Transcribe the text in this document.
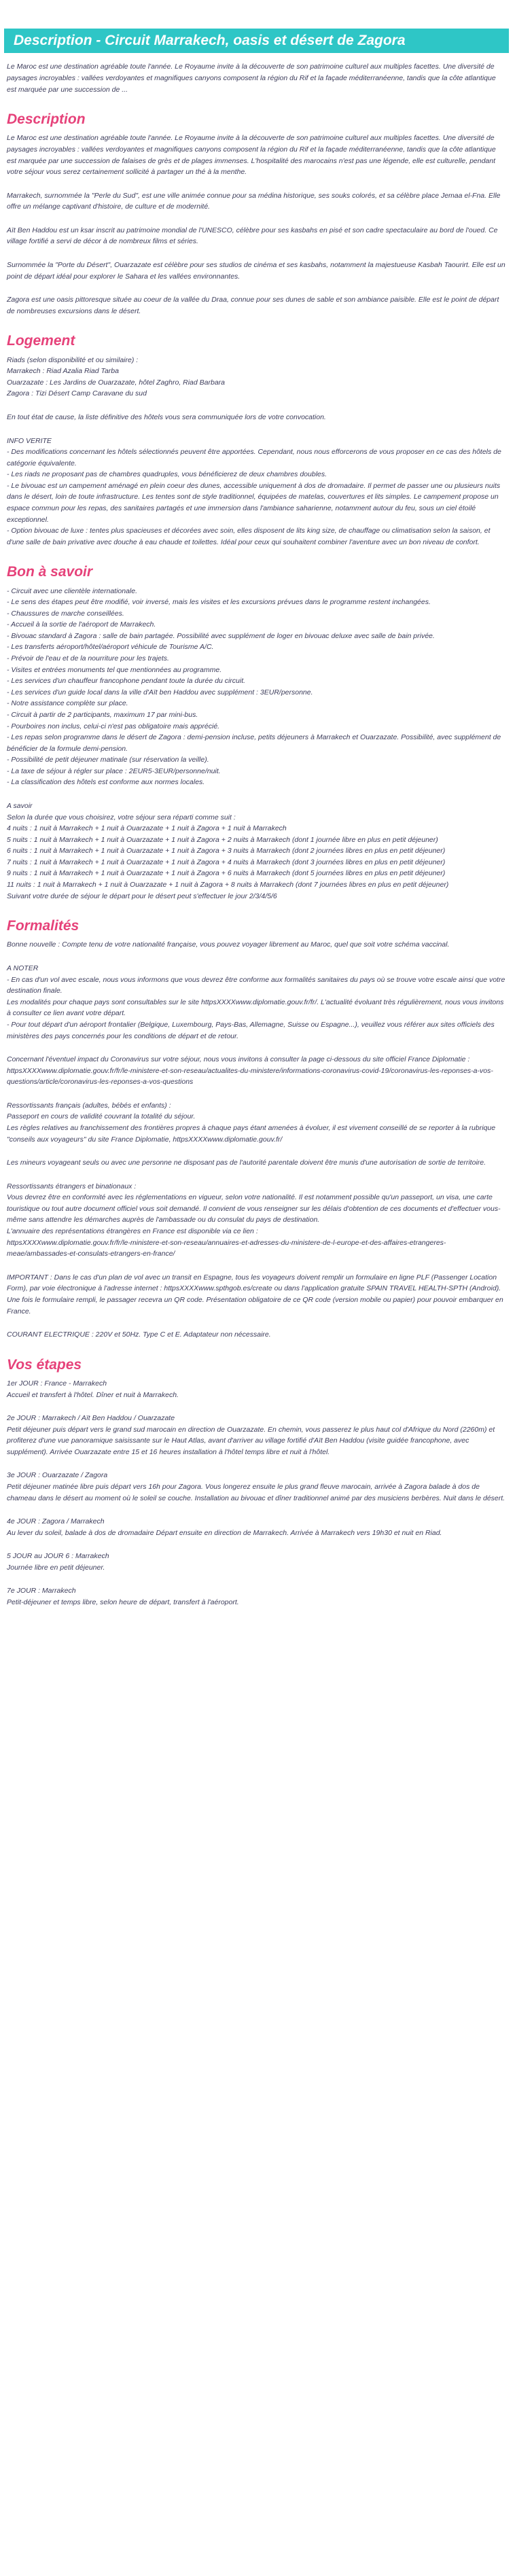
Description - Circuit Marrakech, oasis et désert de Zagora

Le Maroc est une destination agréable toute l'année. Le Royaume invite à la découverte de son patrimoine culturel aux multiples facettes. Une diversité de paysages incroyables : vallées verdoyantes et magnifiques canyons composent la région du Rif et la façade méditerranéenne, tandis que la côte atlantique est marquée par une succession de ...

Description

Le Maroc est une destination agréable toute l'année. Le Royaume invite à la découverte de son patrimoine culturel aux multiples facettes. Une diversité de paysages incroyables : vallées verdoyantes et magnifiques canyons composent la région du Rif et la façade méditerranéenne, tandis que la côte atlantique est marquée par une succession de falaises de grès et de plages immenses. L'hospitalité des marocains n'est pas une légende, elle est culturelle, pendant votre séjour vous serez certainement sollicité à partager un thé à la menthe.

Marrakech, surnommée la "Perle du Sud", est une ville animée connue pour sa médina historique, ses souks colorés, et sa célèbre place Jemaa el-Fna. Elle offre un mélange captivant d'histoire, de culture et de modernité.

Aït Ben Haddou est un ksar inscrit au patrimoine mondial de l'UNESCO, célèbre pour ses kasbahs en pisé et son cadre spectaculaire au bord de l'oued. Ce village fortifié a servi de décor à de nombreux films et séries.

Surnommée la "Porte du Désert", Ouarzazate est célèbre pour ses studios de cinéma et ses kasbahs, notamment la majestueuse Kasbah Taourirt. Elle est un point de départ idéal pour explorer le Sahara et les vallées environnantes.

Zagora est une oasis pittoresque située au coeur de la vallée du Draa, connue pour ses dunes de sable et son ambiance paisible. Elle est le point de départ de nombreuses excursions dans le désert.

Logement
Riads (selon disponibilité et ou similaire) :
Marrakech : Riad Azalia Riad Tarba
Ouarzazate : Les Jardins de Ouarzazate, hôtel Zaghro, Riad Barbara
Zagora : Tizi Désert Camp Caravane du sud

En tout état de cause, la liste définitive des hôtels vous sera communiquée lors de votre convocation.

INFO VERITE
- Des modifications concernant les hôtels sélectionnés peuvent être apportées. Cependant, nous nous efforcerons de vous proposer en ce cas des hôtels de catégorie équivalente.
- Les riads ne proposant pas de chambres quadruples, vous bénéficierez de deux chambres doubles.
- Le bivouac est un campement aménagé en plein coeur des dunes, accessible uniquement à dos de dromadaire. Il permet de passer une ou plusieurs nuits dans le désert, loin de toute infrastructure. Les tentes sont de style traditionnel, équipées de matelas, couvertures et lits simples. Le campement propose un espace commun pour les repas, des sanitaires partagés et une immersion dans l'ambiance saharienne, notamment autour du feu, sous un ciel étoilé exceptionnel.
- Option bivouac de luxe : tentes plus spacieuses et décorées avec soin, elles disposent de lits king size, de chauffage ou climatisation selon la saison, et d'une salle de bain privative avec douche à eau chaude et toilettes. Idéal pour ceux qui souhaitent combiner l'aventure avec un bon niveau de confort.
Bon à savoir
- Circuit avec une clientèle internationale.
- Le sens des étapes peut être modifié, voir inversé, mais les visites et les excursions prévues dans le programme restent inchangées.
- Chaussures de marche conseillées.
- Accueil à la sortie de l'aéroport de Marrakech.
- Bivouac standard à Zagora : salle de bain partagée. Possibilité avec supplément de loger en bivouac deluxe avec salle de bain privée.
- Les transferts aéroport/hôtel/aéroport véhicule de Tourisme A/C.
- Prévoir de l'eau et de la nourriture pour les trajets.
- Visites et entrées monuments tel que mentionnées au programme.
- Les services d'un chauffeur francophone pendant toute la durée du circuit.
- Les services d'un guide local dans la ville d'Aït ben Haddou avec supplément : 3EUR/personne.
- Notre assistance complète sur place.
- Circuit à partir de 2 participants, maximum 17 par mini-bus.
- Pourboires non inclus, celui-ci n'est pas obligatoire mais apprécié.
- Les repas selon programme dans le désert de Zagora : demi-pension incluse, petits déjeuners à Marrakech et Ouarzazate. Possibilité, avec supplément de bénéficier de la formule demi-pension.
- Possibilité de petit déjeuner matinale (sur réservation la veille).
- La taxe de séjour à régler sur place : 2EUR5-3EUR/personne/nuit.
- La classification des hôtels est conforme aux normes locales.
A savoir
Selon la durée que vous choisirez, votre séjour sera réparti comme suit :
4 nuits : 1 nuit à Marrakech + 1 nuit à Ouarzazate + 1 nuit à Zagora + 1 nuit à Marrakech
5 nuits : 1 nuit à Marrakech + 1 nuit à Ouarzazate + 1 nuit à Zagora + 2 nuits à Marrakech (dont 1 journée libre en plus en petit déjeuner)
6 nuits : 1 nuit à Marrakech + 1 nuit à Ouarzazate + 1 nuit à Zagora + 3 nuits à Marrakech (dont 2 journées libres en plus en petit déjeuner)
7 nuits : 1 nuit à Marrakech + 1 nuit à Ouarzazate + 1 nuit à Zagora + 4 nuits à Marrakech (dont 3 journées libres en plus en petit déjeuner)
9 nuits : 1 nuit à Marrakech + 1 nuit à Ouarzazate + 1 nuit à Zagora + 6 nuits à Marrakech (dont 5 journées libres en plus en petit déjeuner)
11 nuits : 1 nuit à Marrakech + 1 nuit à Ouarzazate + 1 nuit à Zagora + 8 nuits à Marrakech (dont 7 journées libres en plus en petit déjeuner)
Suivant votre durée de séjour le départ pour le désert peut s'effectuer le jour 2/3/4/5/6
Formalités

Bonne nouvelle : Compte tenu de votre nationalité française, vous pouvez voyager librement au Maroc, quel que soit votre schéma vaccinal.

A NOTER
- En cas d'un vol avec escale, nous vous informons que vous devrez être conforme aux formalités sanitaires du pays où se trouve votre escale ainsi que votre destination finale.
Les modalités pour chaque pays sont consultables sur le site httpsXXXXwww.diplomatie.gouv.fr/fr/. L'actualité évoluant très régulièrement, nous vous invitons à consulter ce lien avant votre départ.
- Pour tout départ d'un aéroport frontalier (Belgique, Luxembourg, Pays-Bas, Allemagne, Suisse ou Espagne...), veuillez vous référer aux sites officiels des ministères des pays concernés pour les conditions de départ et de retour.

Concernant l'éventuel impact du Coronavirus sur votre séjour, nous vous invitons à consulter la page ci-dessous du site officiel France Diplomatie : httpsXXXXwww.diplomatie.gouv.fr/fr/le-ministere-et-son-reseau/actualites-du-ministere/informations-coronavirus-covid-19/coronavirus-les-reponses-a-vos-questions/article/coronavirus-les-reponses-a-vos-questions

Ressortissants français (adultes, bébés et enfants) :
Passeport en cours de validité couvrant la totalité du séjour.
Les règles relatives au franchissement des frontières propres à chaque pays étant amenées à évoluer, il est vivement conseillé de se reporter à la rubrique "conseils aux voyageurs" du site France Diplomatie, httpsXXXXwww.diplomatie.gouv.fr/

Les mineurs voyageant seuls ou avec une personne ne disposant pas de l'autorité parentale doivent être munis d'une autorisation de sortie de territoire.

Ressortissants étrangers et binationaux :
Vous devrez être en conformité avec les réglementations en vigueur, selon votre nationalité. Il est notamment possible qu'un passeport, un visa, une carte touristique ou tout autre document officiel vous soit demandé. Il convient de vous renseigner sur les délais d'obtention de ces documents et d'effectuer vous-même sans attendre les démarches auprès de l'ambassade ou du consulat du pays de destination.
L'annuaire des représentations étrangères en France est disponible via ce lien :
httpsXXXXwww.diplomatie.gouv.fr/fr/le-ministere-et-son-reseau/annuaires-et-adresses-du-ministere-de-l-europe-et-des-affaires-etrangeres-meae/ambassades-et-consulats-etrangers-en-france/

IMPORTANT : Dans le cas d'un plan de vol avec un transit en Espagne, tous les voyageurs doivent remplir un formulaire en ligne PLF (Passenger Location Form), par voie électronique à l'adresse internet : httpsXXXXwww.spthgob.es/create ou dans l'application gratuite SPAIN TRAVEL HEALTH-SPTH (Android). Une fois le formulaire rempli, le passager recevra un QR code. Présentation obligatoire de ce QR code (version mobile ou papier) pour pouvoir embarquer en France.

COURANT ELECTRIQUE : 220V et 50Hz. Type C et E. Adaptateur non nécessaire.

Vos étapes
1er JOUR : France - Marrakech
Accueil et transfert à l'hôtel. Dîner et nuit à Marrakech.
2e JOUR : Marrakech / Aït Ben Haddou / Ouarzazate
Petit déjeuner puis départ vers le grand sud marocain en direction de Ouarzazate. En chemin, vous passerez le plus haut col d'Afrique du Nord (2260m) et profiterez d'une vue panoramique saisissante sur le Haut Atlas, avant d'arriver au village fortifié d'Aït Ben Haddou (visite guidée francophone, avec supplément). Arrivée Ouarzazate entre 15 et 16 heures installation à l'hôtel temps libre et nuit à l'hôtel.
3e JOUR : Ouarzazate / Zagora
Petit déjeuner matinée libre puis départ vers 16h pour Zagora. Vous longerez ensuite le plus grand fleuve marocain, arrivée à Zagora balade à dos de chameau dans le désert au moment où le soleil se couche. Installation au bivouac et dîner traditionnel animé par des musiciens berbères. Nuit dans le désert.
4e JOUR : Zagora / Marrakech
Au lever du soleil, balade à dos de dromadaire Départ ensuite en direction de Marrakech. Arrivée à Marrakech vers 19h30 et nuit en Riad.
5 JOUR au JOUR 6 : Marrakech
Journée libre en petit déjeuner.
7e JOUR : Marrakech
Petit-déjeuner et temps libre, selon heure de départ, transfert à l'aéroport.
